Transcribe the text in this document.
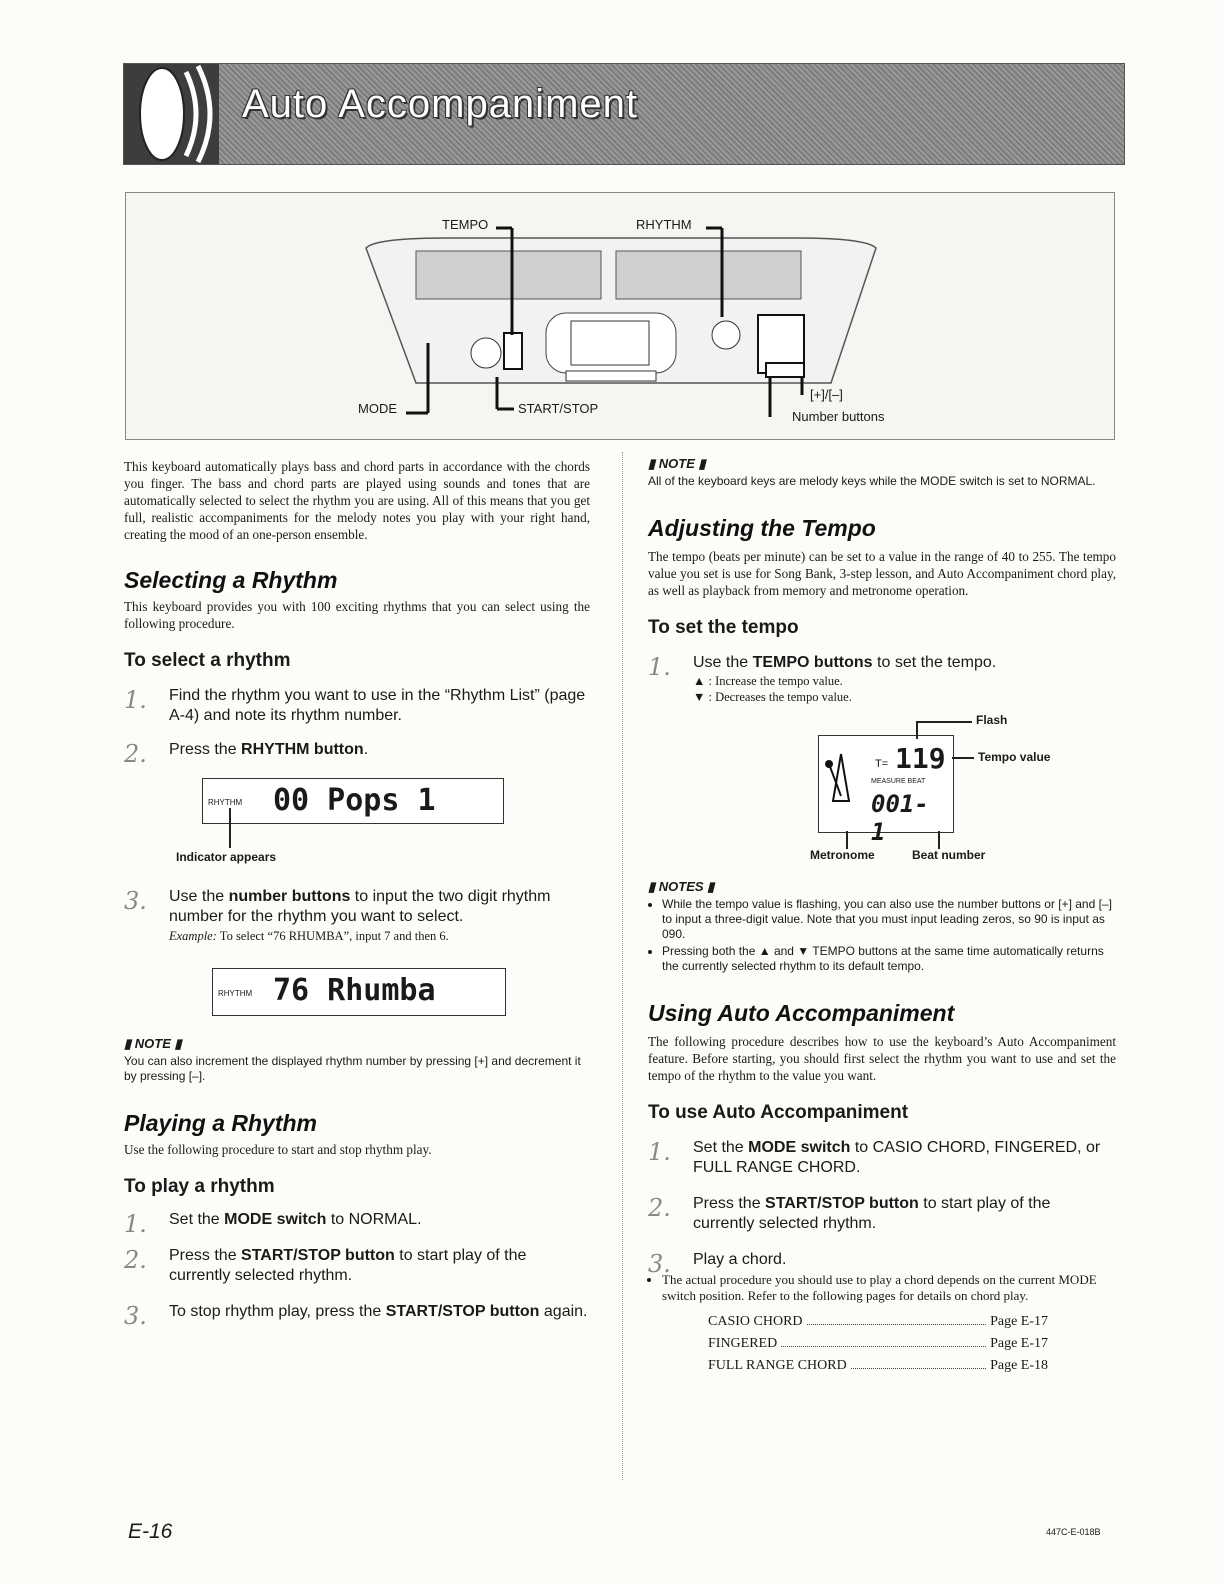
Auto Accompaniment
TEMPO	RHYTHM
MODE	START/STOP
[+]/[–]
Number buttons

This keyboard automatically plays bass and chord parts in accordance with the chords you finger. The bass and chord parts are played using sounds and tones that are automatically selected to select the rhythm you are using. All of this means that you get full, realistic accompaniments for the melody notes you play with your right hand, creating the mood of an one-person ensemble.

Selecting a Rhythm

This keyboard provides you with 100 exciting rhythms that you can select using the following procedure.

To select a rhythm
1. Find the rhythm you want to use in the “Rhythm List” (page A-4) and note its rhythm number.
2. Press the RHYTHM button.
RHYTHM 00 Pops 1
Indicator appears
3. Use the number buttons to input the two digit rhythm number for the rhythm you want to select.
Example: To select “76 RHUMBA”, input 7 and then 6.
RHYTHM 76 Rhumba
▮ NOTE ▮

You can also increment the displayed rhythm number by pressing [+] and decrement it by pressing [–].

Playing a Rhythm

Use the following procedure to start and stop rhythm play.

To play a rhythm
1. Set the MODE switch to NORMAL.
2. Press the START/STOP button to start play of the currently selected rhythm.
3. To stop rhythm play, press the START/STOP button again.
E-16
▮ NOTE ▮

All of the keyboard keys are melody keys while the MODE switch is set to NORMAL.

Adjusting the Tempo

The tempo (beats per minute) can be set to a value in the range of 40 to 255. The tempo value you set is use for Song Bank, 3-step lesson, and Auto Accompaniment chord play, as well as playback from memory and metronome operation.

To set the tempo
1. Use the TEMPO buttons to set the tempo.
▲ : Increase the tempo value.
▼ : Decreases the tempo value.
T= 119
MEASURE BEAT
001- 1
Flash
Tempo value
Metronome	Beat number
▮ NOTES ▮
• While the tempo value is flashing, you can also use the number buttons or [+] and [–] to input a three-digit value. Note that you must input leading zeros, so 90 is input as 090.
• Pressing both the ▲ and ▼ TEMPO buttons at the same time automatically returns the currently selected rhythm to its default tempo.
Using Auto Accompaniment

The following procedure describes how to use the keyboard’s Auto Accompaniment feature. Before starting, you should first select the rhythm you want to use and set the tempo of the rhythm to the value you want.

To use Auto Accompaniment
1. Set the MODE switch to CASIO CHORD, FINGERED, or FULL RANGE CHORD.
2. Press the START/STOP button to start play of the currently selected rhythm.
3. Play a chord.
• The actual procedure you should use to play a chord depends on the current MODE switch position. Refer to the following pages for details on chord play.
CASIO CHORD	Page E-17
FINGERED	Page E-17
FULL RANGE CHORD	Page E-18
447C-E-018B
